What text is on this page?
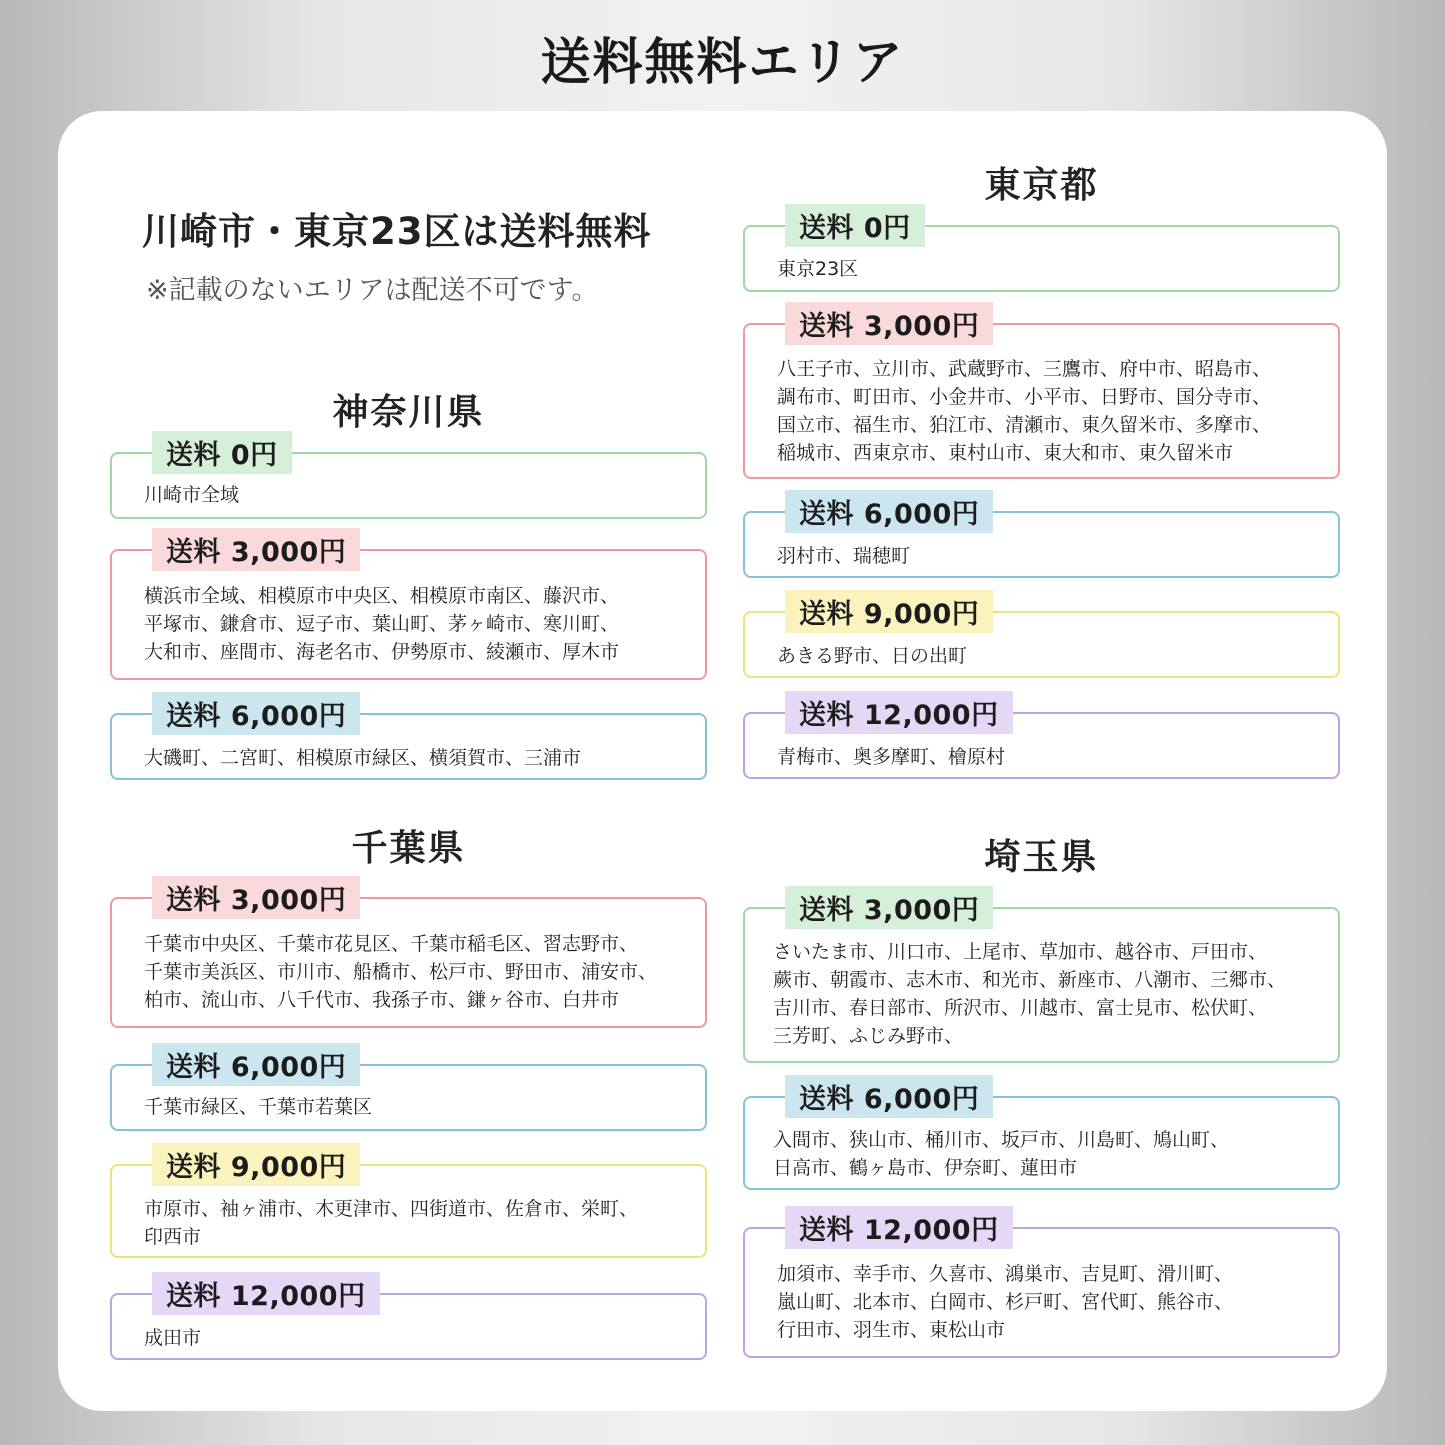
送料無料エリア
川崎市・東京23区は送料無料
※記載のないエリアは配送不可です。
神奈川県
川崎市全域
送料 0円
横浜市全域、相模原市中央区、相模原市南区、藤沢市、
平塚市、鎌倉市、逗子市、葉山町、茅ヶ崎市、寒川町、
大和市、座間市、海老名市、伊勢原市、綾瀬市、厚木市
送料 3,000円
大磯町、二宮町、相模原市緑区、横須賀市、三浦市
送料 6,000円
千葉県
千葉市中央区、千葉市花見区、千葉市稲毛区、習志野市、
千葉市美浜区、市川市、船橋市、松戸市、野田市、浦安市、
柏市、流山市、八千代市、我孫子市、鎌ヶ谷市、白井市
送料 3,000円
千葉市緑区、千葉市若葉区
送料 6,000円
市原市、袖ヶ浦市、木更津市、四街道市、佐倉市、栄町、
印西市
送料 9,000円
成田市
送料 12,000円
東京都
東京23区
送料 0円
八王子市、立川市、武蔵野市、三鷹市、府中市、昭島市、
調布市、町田市、小金井市、小平市、日野市、国分寺市、
国立市、福生市、狛江市、清瀬市、東久留米市、多摩市、
稲城市、西東京市、東村山市、東大和市、東久留米市
送料 3,000円
羽村市、瑞穂町
送料 6,000円
あきる野市、日の出町
送料 9,000円
青梅市、奥多摩町、檜原村
送料 12,000円
埼玉県
さいたま市、川口市、上尾市、草加市、越谷市、戸田市、
蕨市、朝霞市、志木市、和光市、新座市、八潮市、三郷市、
吉川市、春日部市、所沢市、川越市、富士見市、松伏町、
三芳町、ふじみ野市、
送料 3,000円
入間市、狭山市、桶川市、坂戸市、川島町、鳩山町、
日高市、鶴ヶ島市、伊奈町、蓮田市
送料 6,000円
加須市、幸手市、久喜市、鴻巣市、吉見町、滑川町、
嵐山町、北本市、白岡市、杉戸町、宮代町、熊谷市、
行田市、羽生市、東松山市
送料 12,000円
